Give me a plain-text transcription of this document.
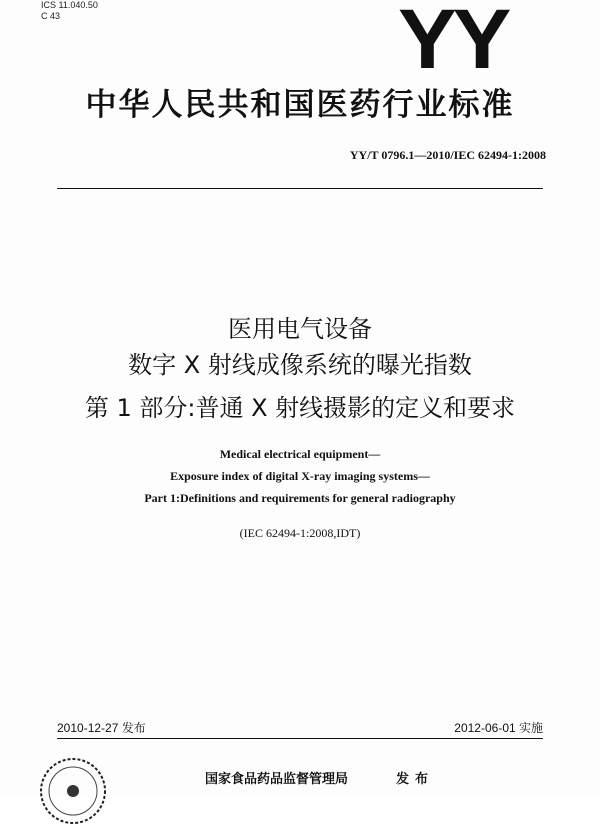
ICS 11.040.50
C 43	YY
中华人民共和国医药行业标准
YY/T 0796.1—2010/IEC 62494-1:2008
医用电气设备
数字 X 射线成像系统的曝光指数
第 1 部分:普通 X 射线摄影的定义和要求
Medical electrical equipment—
Exposure index of digital X-ray imaging systems—
Part 1:Definitions and requirements for general radiography
(IEC 62494-1:2008,IDT)
2010-12-27 发布	2012-06-01 实施
国家食品药品监督管理局	发布
